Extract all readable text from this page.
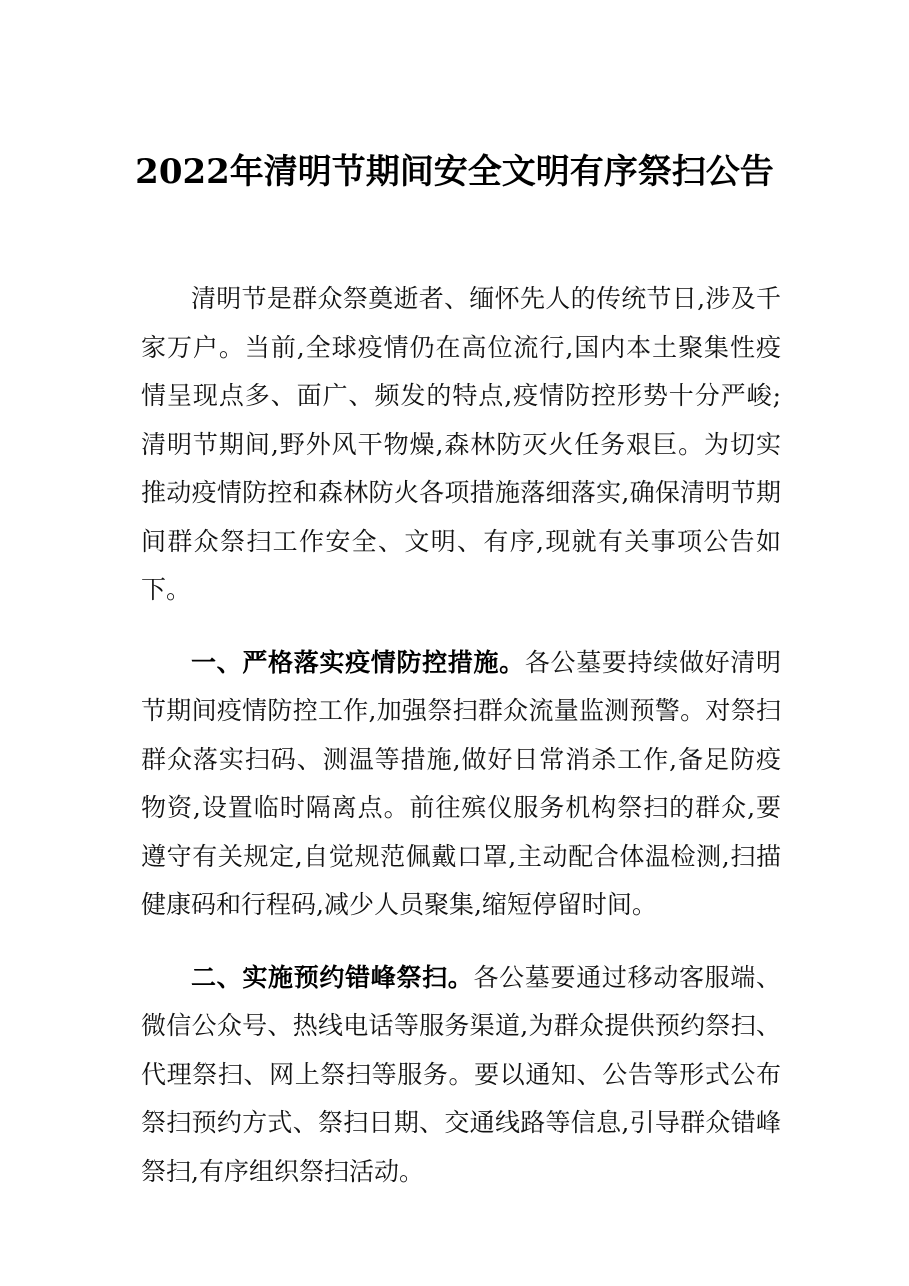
2022年清明节期间安全文明有序祭扫公告

清明节是群众祭奠逝者、缅怀先人的传统节日,涉及千家万户。当前,全球疫情仍在高位流行,国内本土聚集性疫情呈现点多、面广、频发的特点,疫情防控形势十分严峻;清明节期间,野外风干物燥,森林防灭火任务艰巨。为切实推动疫情防控和森林防火各项措施落细落实,确保清明节期间群众祭扫工作安全、文明、有序,现就有关事项公告如下。

一、严格落实疫情防控措施。各公墓要持续做好清明节期间疫情防控工作,加强祭扫群众流量监测预警。对祭扫群众落实扫码、测温等措施,做好日常消杀工作,备足防疫物资,设置临时隔离点。前往殡仪服务机构祭扫的群众,要遵守有关规定,自觉规范佩戴口罩,主动配合体温检测,扫描健康码和行程码,减少人员聚集,缩短停留时间。

二、实施预约错峰祭扫。各公墓要通过移动客服端、微信公众号、热线电话等服务渠道,为群众提供预约祭扫、代理祭扫、网上祭扫等服务。要以通知、公告等形式公布祭扫预约方式、祭扫日期、交通线路等信息,引导群众错峰祭扫,有序组织祭扫活动。
